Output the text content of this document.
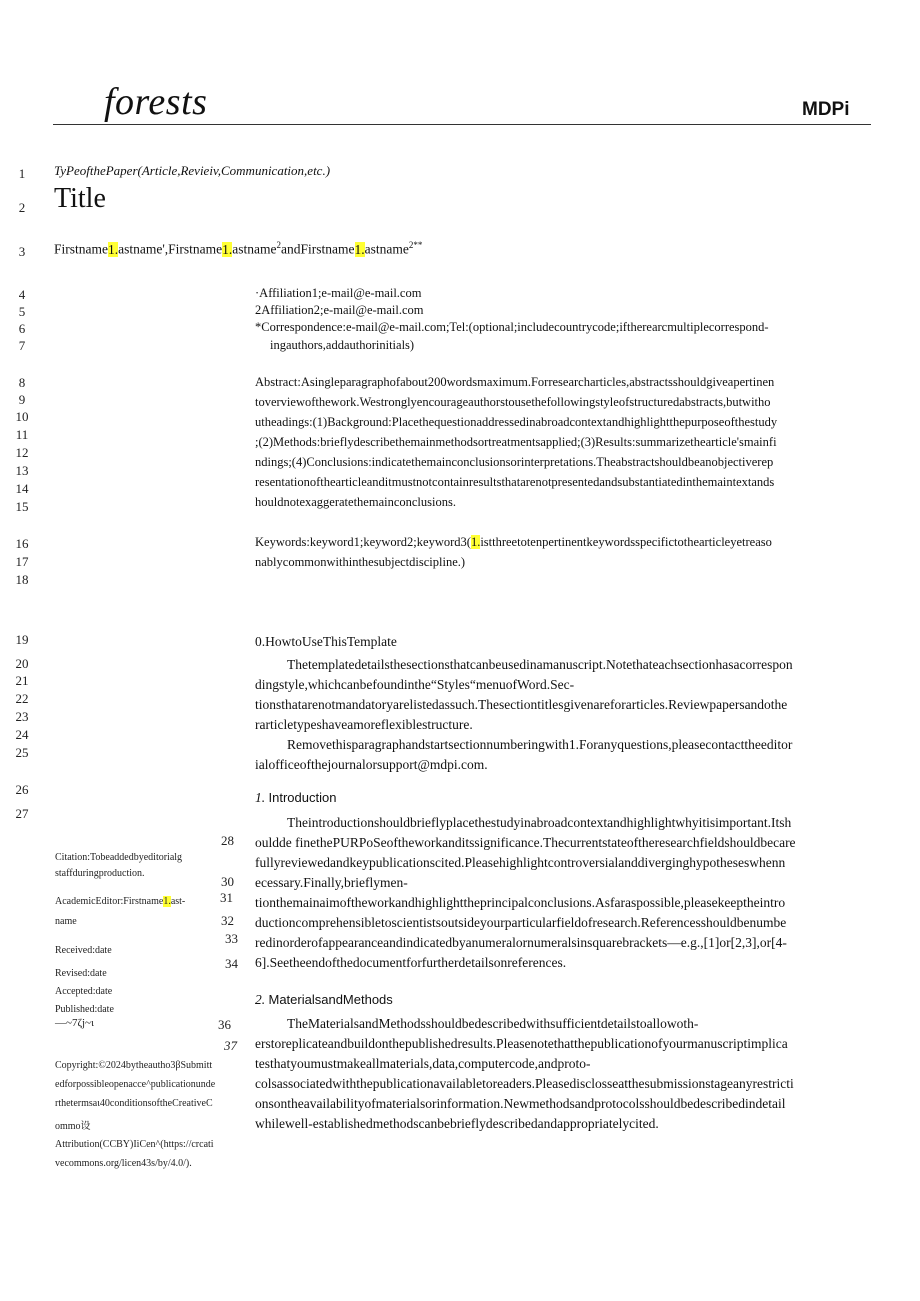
forests	MDPi
1
2
3
4
5
6
7
8
9
10
11
12
13
14
15
16
17
18
19
20
21
22
23
24
25
26
27
TyPeofthePaper(Article,Revieiv,Communication,etc.)
Title
Firstname1.astname',Firstname1.astname$^2$andFirstname1.astname$^{2**}$
·Affiliation1;e-mail@e-mail.com
2Affiliation2;e-mail@e-mail.com
*Correspondence:e-mail@e-mail.com;Tel:(optional;includecountrycode;iftherearcmultiplecorrespond-
ingauthors,addauthorinitials)
Abstract:Asingleparagraphofabout200wordsmaximum.Forresearcharticles,abstractsshouldgiveapertinen
toverviewofthework.Westronglyencourageauthorstousethefollowingstyleofstructuredabstracts,butwitho
utheadings:(1)Background:Placethequestionaddressedinabroadcontextandhighlightthepurposeofthestudy
;(2)Methods:brieflydescribethemainmethodsortreatmentsapplied;(3)Results:summarizethearticle'smainfi
ndings;(4)Conclusions:indicatethemainconclusionsorinterpretations.Theabstractshouldbeanobjectiverep
resentationofthearticleanditmustnotcontainresultsthatarenotpresentedandsubstantiatedinthemaintextands
houldnotexaggeratethemainconclusions.
Keywords:keyword1;keyword2;keyword3(1.istthreetotenpertinentkeywordsspecifictothearticleyetreaso
nablycommonwithinthesubjectdiscipline.)
0.HowtoUseThisTemplate
Thetemplatedetailsthesectionsthatcanbeusedinamanuscript.Notethateachsectionhasacorrespon
dingstyle,whichcanbefoundinthe“Styles“menuofWord.Sec-
tionsthatarenotmandatoryarelistedassuch.Thesectiontitlesgivenareforarticles.Reviewpapersandothe
rarticletypeshaveamoreflexiblestructure.
Removethisparagraphandstartsectionnumberingwith1.Foranyquestions,pleasecontacttheeditor
ialofficeofthejournalorsupport@mdpi.com.
1. Introduction
Theintroductionshouldbrieflyplacethestudyinabroadcontextandhighlightwhyitisimportant.Itsh
ouldde finethePURPoSeoftheworkanditssignificance.Thecurrentstateoftheresearchfieldshouldbecare
fullyreviewedandkeypublicationscited.Pleasehighlightcontroversialanddiverginghypotheseswhenn
ecessary.Finally,brieflymen-
tionthemainaimoftheworkandhighlighttheprincipalconclusions.Asfaraspossible,pleasekeeptheintro
ductioncomprehensibletoscientistsoutsideyourparticularfieldofresearch.Referencesshouldbenumbe
redinorderofappearanceandindicatedbyanumeralornumeralsinsquarebrackets—e.g.,[1]or[2,3],or[4-
6].Seetheendofthedocumentforfurtherdetailsonreferences.
2. MaterialsandMethods
TheMaterialsandMethodsshouldbedescribedwithsufficientdetailstoallowoth-
erstoreplicateandbuildonthepublishedresults.Pleasenotethatthepublicationofyourmanuscriptimplica
testhatyoumustmakeallmaterials,data,computercode,andproto-
colsassociatedwiththepublicationavailabletoreaders.Pleasedisclosseatthesubmissionstageanyrestricti
onsontheavailabilityofmaterialsorinformation.Newmethodsandprotocolsshouldbedescribedindetail
whilewell-establishedmethodscanbebrieflydescribedandappropriatelycited.
28
Citation:Tobeaddedbyeditorialg
staffduringproduction.
30
AcademicEditor:Firstname1.ast-	31
name	32
33
Received:date
34
Revised:date
Accepted:date
Published:date
—~7ζj~ι	36
37
Copyright:©2024bytheautho3βSubmitt
edforpossibleopenacce^publicationunde
rthetermsaι40conditionsoftheCreativeC
ommo设
Attribution(CCBY)IiCen^(https://crcati
vecommons.org/licen43s/by/4.0/).
